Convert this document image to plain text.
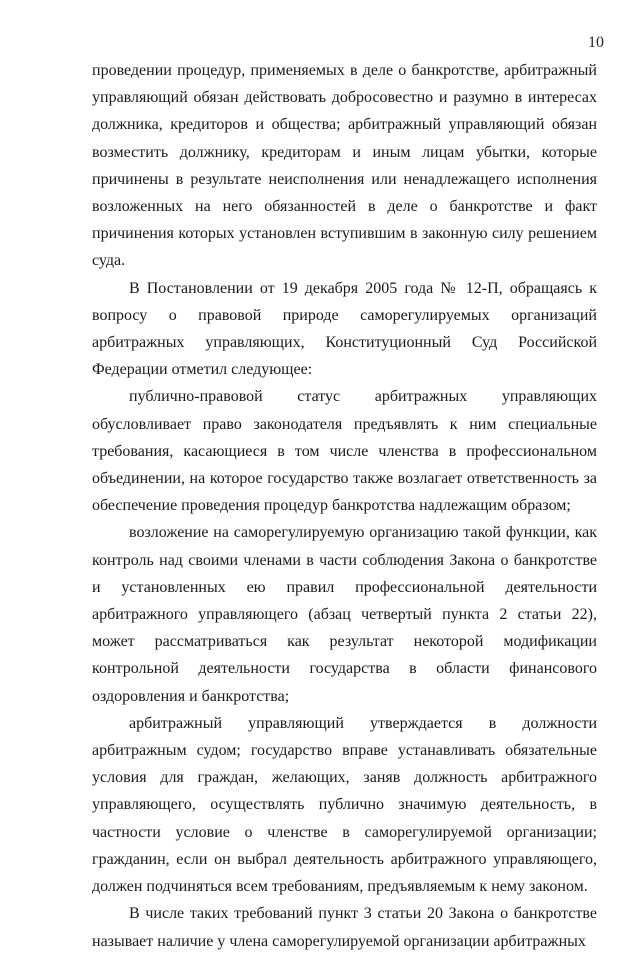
10

проведении процедур, применяемых в деле о банкротстве, арбитражный управляющий обязан действовать добросовестно и разумно в интересах должника, кредиторов и общества; арбитражный управляющий обязан возместить должнику, кредиторам и иным лицам убытки, которые причинены в результате неисполнения или ненадлежащего исполнения возложенных на него обязанностей в деле о банкротстве и факт причинения которых установлен вступившим в законную силу решением суда.

В Постановлении от 19 декабря 2005 года № 12-П, обращаясь к вопросу о правовой природе саморегулируемых организаций арбитражных управляющих, Конституционный Суд Российской Федерации отметил следующее:

публично-правовой статус арбитражных управляющих обусловливает право законодателя предъявлять к ним специальные требования, касающиеся в том числе членства в профессиональном объединении, на которое государство также возлагает ответственность за обеспечение проведения процедур банкротства надлежащим образом;

возложение на саморегулируемую организацию такой функции, как контроль над своими членами в части соблюдения Закона о банкротстве и установленных ею правил профессиональной деятельности арбитражного управляющего (абзац четвертый пункта 2 статьи 22), может рассматриваться как результат некоторой модификации контрольной деятельности государства в области финансового оздоровления и банкротства;

арбитражный управляющий утверждается в должности арбитражным судом; государство вправе устанавливать обязательные условия для граждан, желающих, заняв должность арбитражного управляющего, осуществлять публично значимую деятельность, в частности условие о членстве в саморегулируемой организации; гражданин, если он выбрал деятельность арбитражного управляющего, должен подчиняться всем требованиям, предъявляемым к нему законом.

В числе таких требований пункт 3 статьи 20 Закона о банкротстве называет наличие у члена саморегулируемой организации арбитражных
